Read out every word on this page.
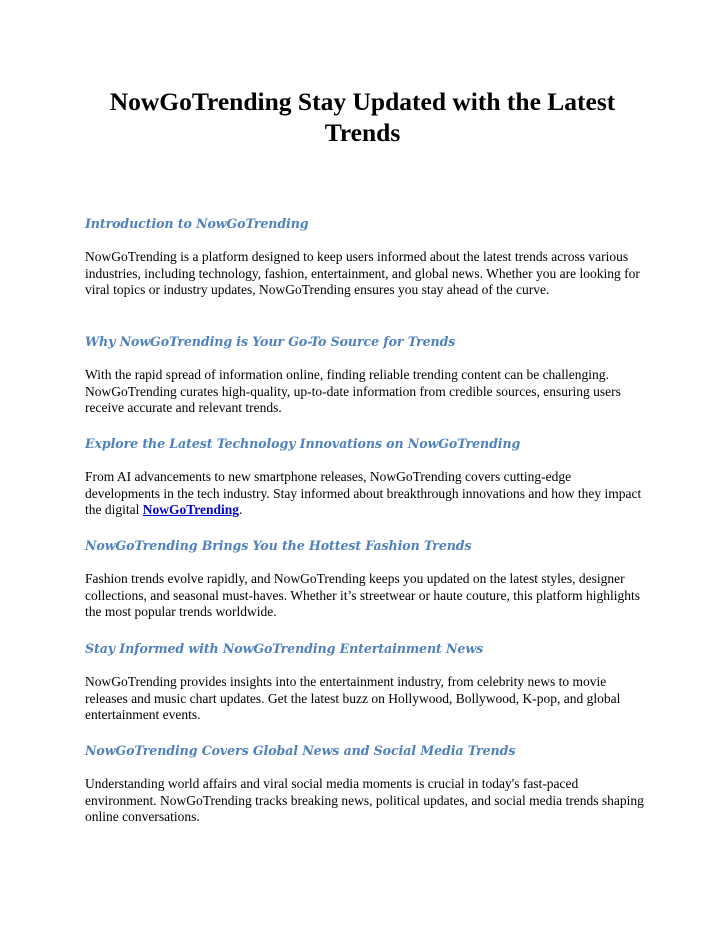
NowGoTrending Stay Updated with the Latest Trends
Introduction to NowGoTrending

NowGoTrending is a platform designed to keep users informed about the latest trends across various industries, including technology, fashion, entertainment, and global news. Whether you are looking for viral topics or industry updates, NowGoTrending ensures you stay ahead of the curve.

Why NowGoTrending is Your Go-To Source for Trends

With the rapid spread of information online, finding reliable trending content can be challenging. NowGoTrending curates high-quality, up-to-date information from credible sources, ensuring users receive accurate and relevant trends.

Explore the Latest Technology Innovations on NowGoTrending

From AI advancements to new smartphone releases, NowGoTrending covers cutting-edge developments in the tech industry. Stay informed about breakthrough innovations and how they impact the digital NowGoTrending.

NowGoTrending Brings You the Hottest Fashion Trends

Fashion trends evolve rapidly, and NowGoTrending keeps you updated on the latest styles, designer collections, and seasonal must-haves. Whether it’s streetwear or haute couture, this platform highlights the most popular trends worldwide.

Stay Informed with NowGoTrending Entertainment News

NowGoTrending provides insights into the entertainment industry, from celebrity news to movie releases and music chart updates. Get the latest buzz on Hollywood, Bollywood, K-pop, and global entertainment events.

NowGoTrending Covers Global News and Social Media Trends

Understanding world affairs and viral social media moments is crucial in today's fast-paced environment. NowGoTrending tracks breaking news, political updates, and social media trends shaping online conversations.
